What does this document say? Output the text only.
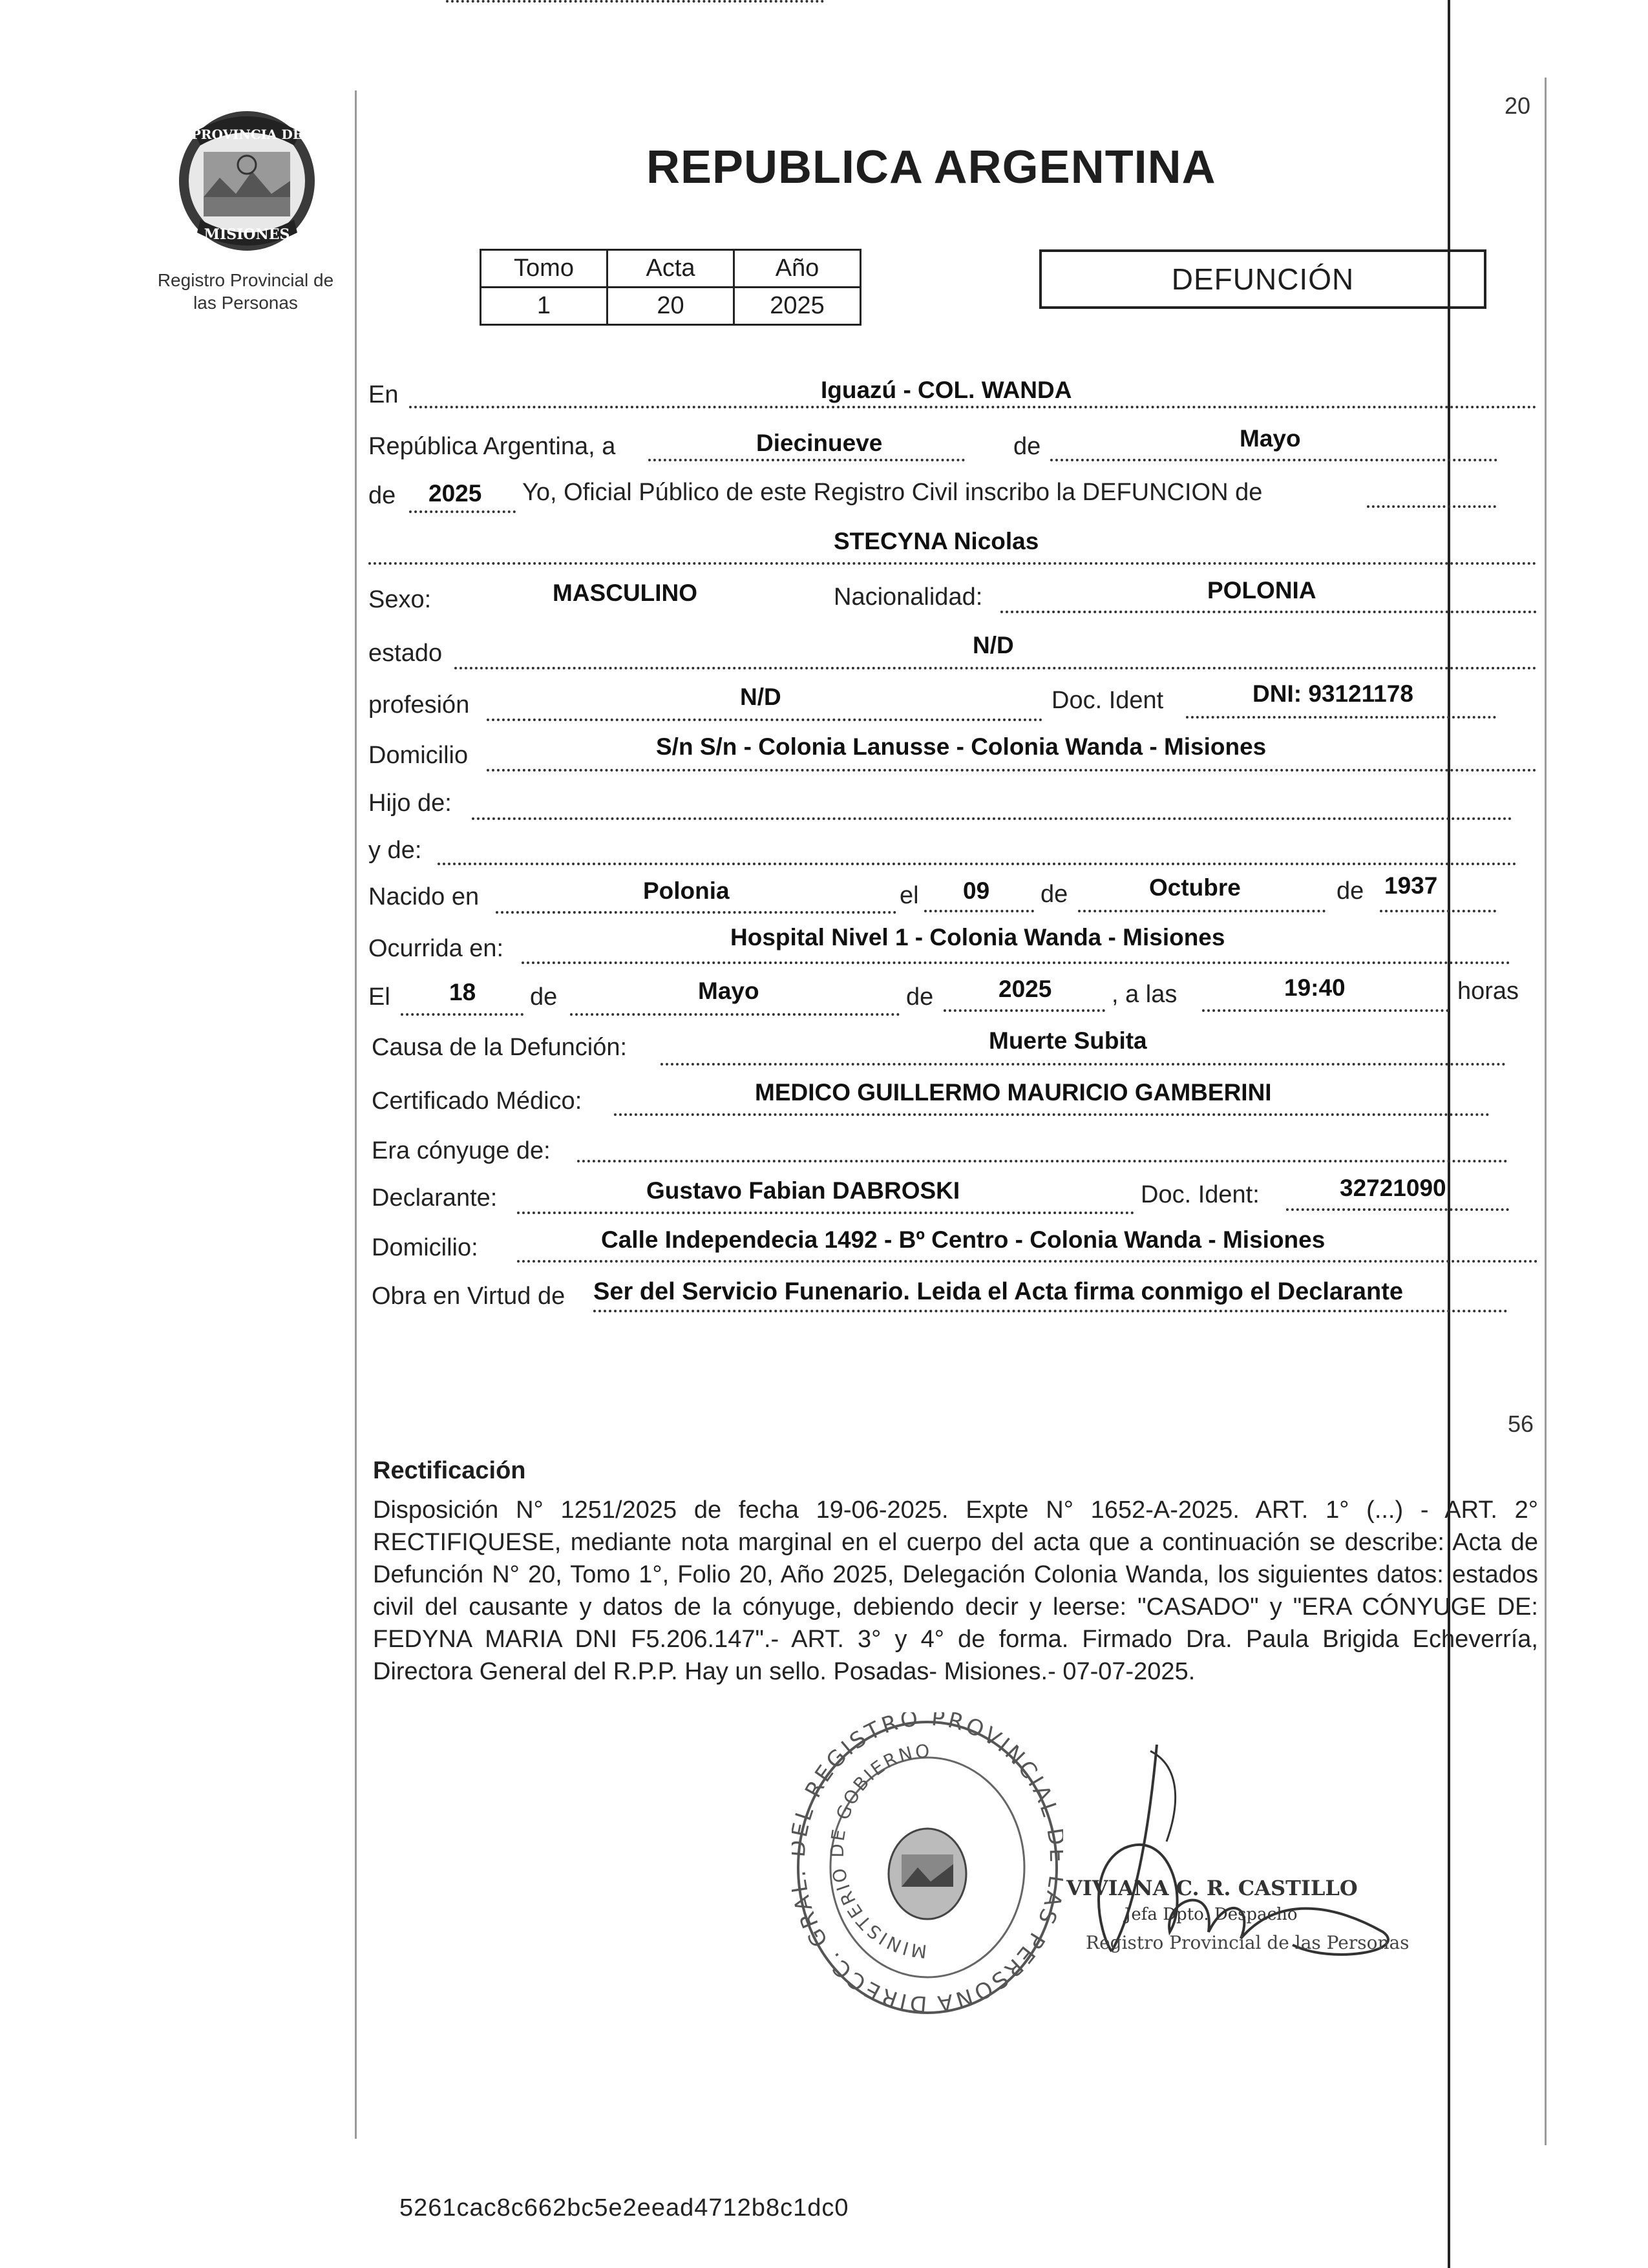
20
PROVINCIA DE
MISIONES
Registro Provincial de
las Personas
REPUBLICA ARGENTINA
Tomo	Acta	Año
1	20	2025
DEFUNCIÓN
En	Iguazú - COL. WANDA
República Argentina, a	Diecinueve	de	Mayo
de 2025 Yo, Oficial Público de este Registro Civil inscribo la DEFUNCION de
STECYNA Nicolas
Sexo:	MASCULINO	Nacionalidad:	POLONIA
estado	N/D
profesión	N/D	Doc. Ident	DNI: 93121178
Domicilio	S/n S/n - Colonia Lanusse - Colonia Wanda - Misiones
Hijo de:
y de:
Nacido en	Polonia	el 09 de	Octubre	de 1937
Ocurrida en:	Hospital Nivel 1 - Colonia Wanda - Misiones
El 18 de	Mayo	de	2025 , a las	19:40	horas
Causa de la Defunción:	Muerte Subita
Certificado Médico:	MEDICO GUILLERMO MAURICIO GAMBERINI
Era cónyuge de:
Declarante:	Gustavo Fabian DABROSKI	Doc. Ident:	32721090
Domicilio:	Calle Independecia 1492 - Bº Centro - Colonia Wanda - Misiones
Obra en Virtud de Ser del Servicio Funenario. Leida el Acta firma conmigo el Declarante
56
Rectificación
Disposición N° 1251/2025 de fecha 19-06-2025. Expte N° 1652-A-2025. ART. 1° (...) - ART. 2° RECTIFIQUESE, mediante nota marginal en el cuerpo del acta que a continuación se describe: Acta de Defunción N° 20, Tomo 1°, Folio 20, Año 2025, Delegación Colonia Wanda, los siguientes datos: estados civil del causante y datos de la cónyuge, debiendo decir y leerse: "CASADO" y "ERA CÓNYUGE DE: FEDYNA MARIA DNI F5.206.147".- ART. 3° y 4° de forma. Firmado Dra. Paula Brigida Echeverría, Directora General del R.P.P. Hay un sello. Posadas- Misiones.- 07-07-2025.
DIRECC. GR L REGISTRO PROVINCIAL S PERSONA
MINISTERIO DE GOBIERNO
VIVIANA C. R. CASTILLO
Jefa Dpto. Despacho
Registro Provincial de las Personas
5261cac8c662bc5e2eead4712b8c1dc0
